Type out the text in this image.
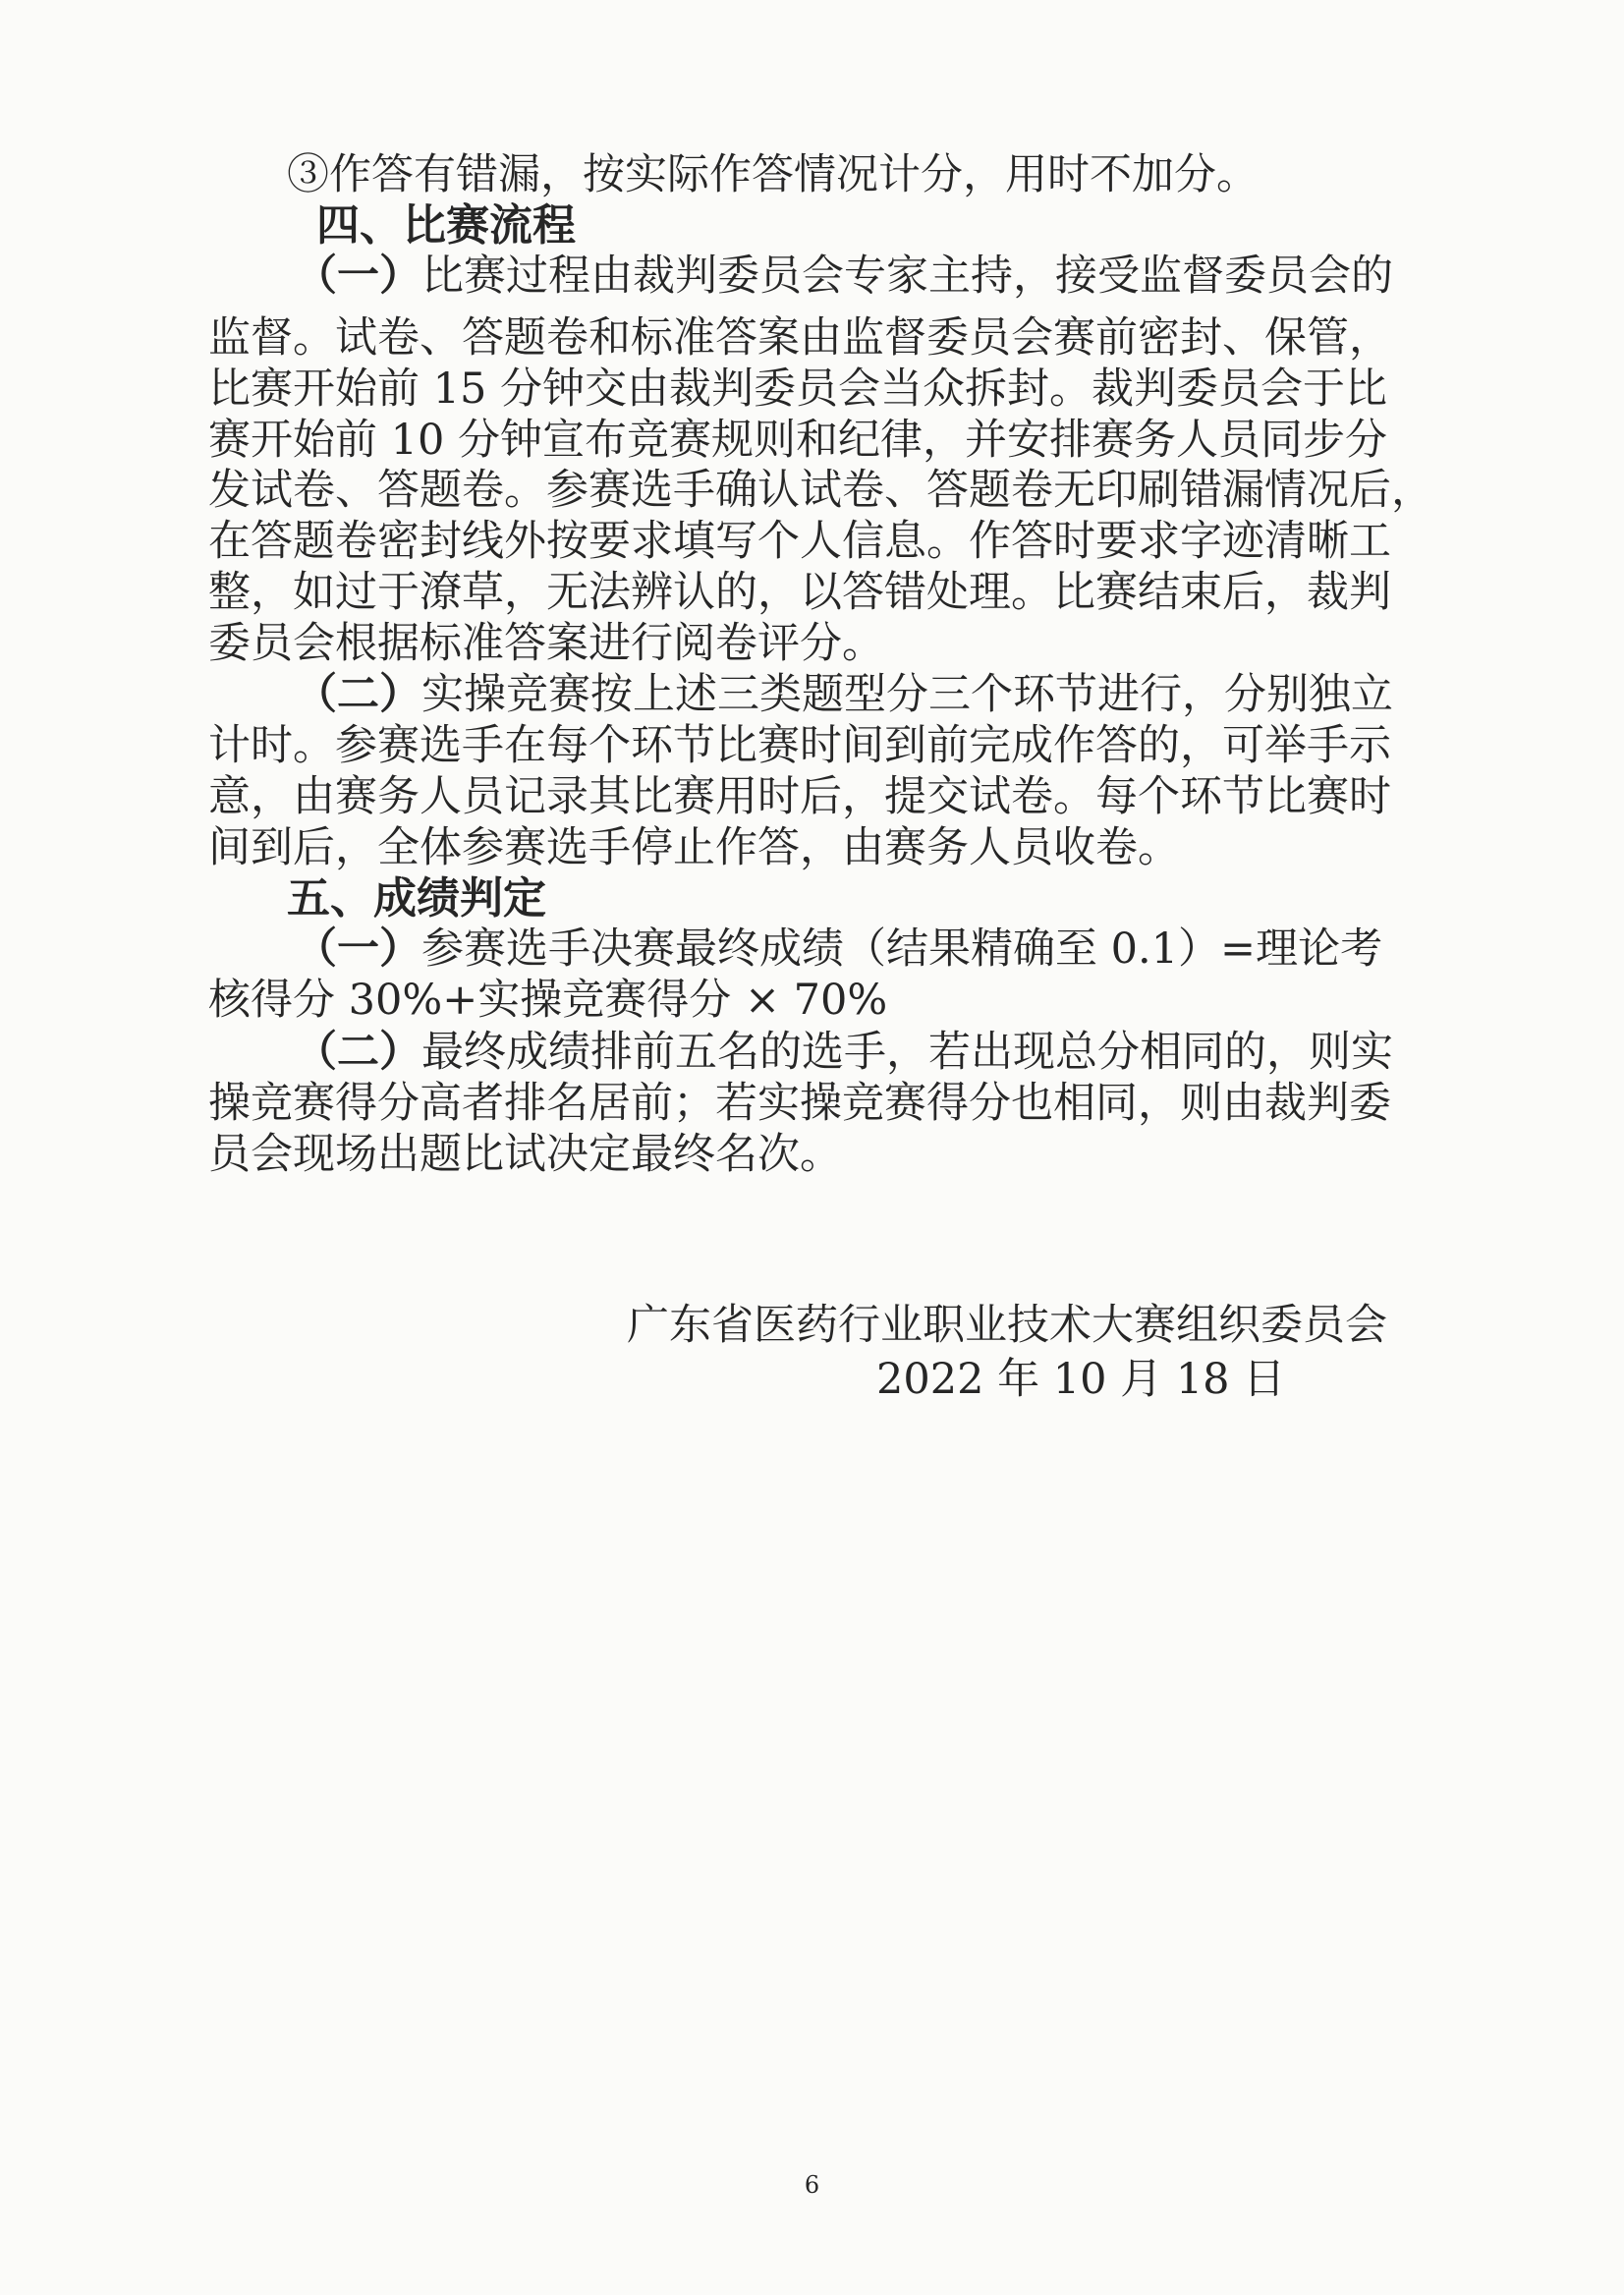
③作答有错漏，按实际作答情况计分，用时不加分。

四、比赛流程

（一）比赛过程由裁判委员会专家主持，接受监督委员会的

监督。试卷、答题卷和标准答案由监督委员会赛前密封、保管，

比赛开始前 15 分钟交由裁判委员会当众拆封。裁判委员会于比

赛开始前 10 分钟宣布竞赛规则和纪律，并安排赛务人员同步分

发试卷、答题卷。参赛选手确认试卷、答题卷无印刷错漏情况后，

在答题卷密封线外按要求填写个人信息。作答时要求字迹清晰工

整，如过于潦草，无法辨认的，以答错处理。比赛结束后，裁判

委员会根据标准答案进行阅卷评分。

（二）实操竞赛按上述三类题型分三个环节进行，分别独立

计时。参赛选手在每个环节比赛时间到前完成作答的，可举手示

意，由赛务人员记录其比赛用时后，提交试卷。每个环节比赛时

间到后，全体参赛选手停止作答，由赛务人员收卷。

五、成绩判定

（一）参赛选手决赛最终成绩（结果精确至 0.1）=理论考

核得分 30%+实操竞赛得分 × 70%

（二）最终成绩排前五名的选手，若出现总分相同的，则实

操竞赛得分高者排名居前；若实操竞赛得分也相同，则由裁判委

员会现场出题比试决定最终名次。

广东省医药行业职业技术大赛组织委员会

2022 年 10 月 18 日

6
